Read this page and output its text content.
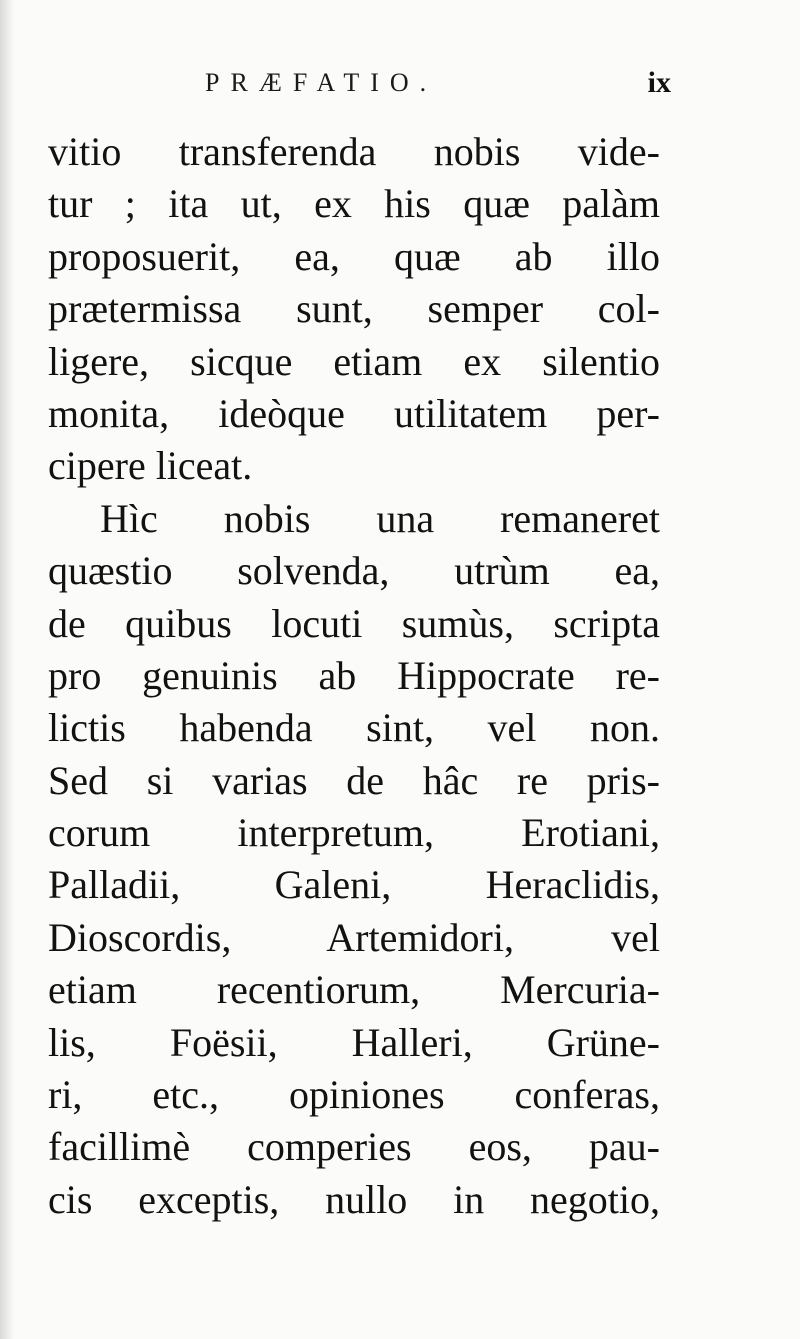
PRÆFATIO.	ix
vitio transferenda nobis vide-
tur ; ita ut, ex his quæ palàm
proposuerit, ea, quæ ab illo
prætermissa sunt, semper col-
ligere, sicque etiam ex silentio
monita, ideòque utilitatem per-
cipere liceat.
Hìc nobis una remaneret
quæstio solvenda, utrùm ea,
de quibus locuti sumùs, scripta
pro genuinis ab Hippocrate re-
lictis habenda sint, vel non.
Sed si varias de hâc re pris-
corum interpretum, Erotiani,
Palladii, Galeni, Heraclidis,
Dioscordis, Artemidori, vel
etiam recentiorum, Mercuria-
lis, Foësii, Halleri, Grüne-
ri, etc., opiniones conferas,
facillimè comperies eos, pau-
cis exceptis, nullo in negotio,
